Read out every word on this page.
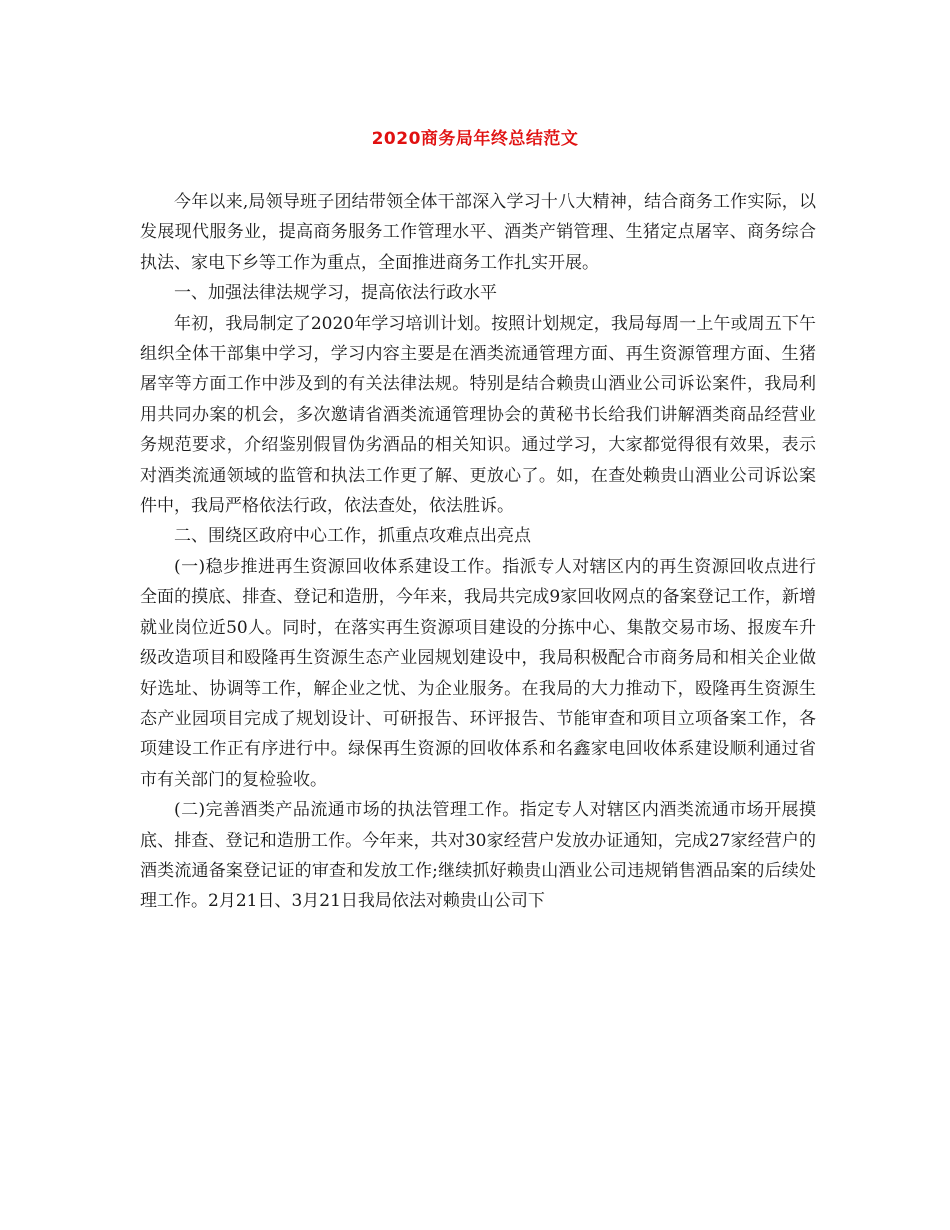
2020商务局年终总结范文

今年以来,局领导班子团结带领全体干部深入学习十八大精神，结合商务工作实际，以发展现代服务业，提高商务服务工作管理水平、酒类产销管理、生猪定点屠宰、商务综合执法、家电下乡等工作为重点，全面推进商务工作扎实开展。

一、加强法律法规学习，提高依法行政水平

年初，我局制定了2020年学习培训计划。按照计划规定，我局每周一上午或周五下午组织全体干部集中学习，学习内容主要是在酒类流通管理方面、再生资源管理方面、生猪屠宰等方面工作中涉及到的有关法律法规。特别是结合赖贵山酒业公司诉讼案件，我局利用共同办案的机会，多次邀请省酒类流通管理协会的黄秘书长给我们讲解酒类商品经营业务规范要求，介绍鉴别假冒伪劣酒品的相关知识。通过学习，大家都觉得很有效果，表示对酒类流通领域的监管和执法工作更了解、更放心了。如，在查处赖贵山酒业公司诉讼案件中，我局严格依法行政，依法查处，依法胜诉。

二、围绕区政府中心工作，抓重点攻难点出亮点

(一)稳步推进再生资源回收体系建设工作。指派专人对辖区内的再生资源回收点进行全面的摸底、排查、登记和造册，今年来，我局共完成9家回收网点的备案登记工作，新增就业岗位近50人。同时，在落实再生资源项目建设的分拣中心、集散交易市场、报废车升级改造项目和殴隆再生资源生态产业园规划建设中，我局积极配合市商务局和相关企业做好选址、协调等工作，解企业之忧、为企业服务。在我局的大力推动下，殴隆再生资源生态产业园项目完成了规划设计、可研报告、环评报告、节能审查和项目立项备案工作，各项建设工作正有序进行中。绿保再生资源的回收体系和名鑫家电回收体系建设顺利通过省市有关部门的复检验收。

(二)完善酒类产品流通市场的执法管理工作。指定专人对辖区内酒类流通市场开展摸底、排查、登记和造册工作。今年来，共对30家经营户发放办证通知，完成27家经营户的酒类流通备案登记证的审查和发放工作;继续抓好赖贵山酒业公司违规销售酒品案的后续处理工作。2月21日、3月21日我局依法对赖贵山公司下
